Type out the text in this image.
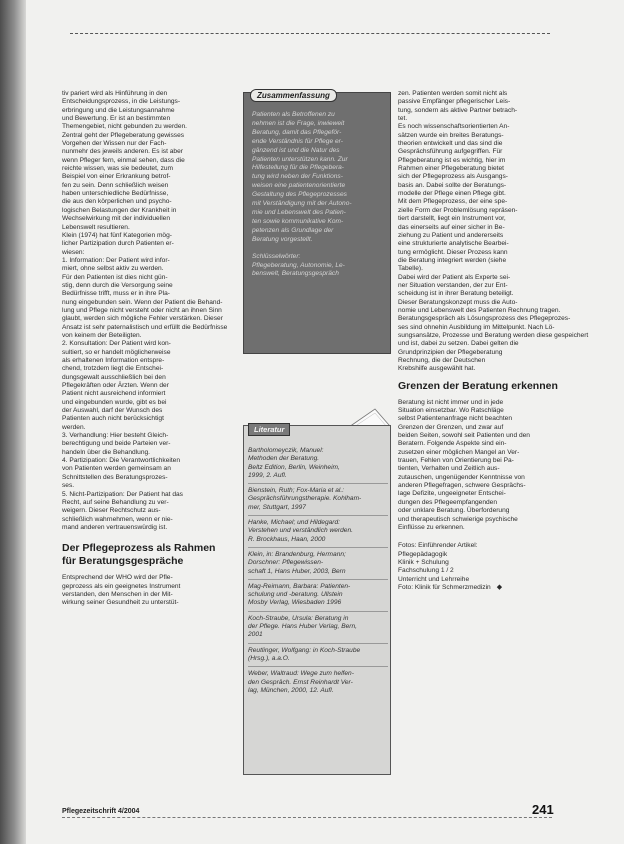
tiv pariert wird als Hinführung in den

Entscheidungsprozess, in die Leistungs-

erbringung und die Leistungsannahme

und Bewertung. Er ist an bestimmten

Themengebiet, nicht gebunden zu werden.

Zentral geht der Pflegeberatung gewisses

Vorgehen der Wissen nur der Fach-

nunmehr des jeweils anderen. Es ist aber

wenn Pfleger fern, einmal sehen, dass die

reichte wissen, was sie bedeutet, zum

Beispiel von einer Erkrankung betrof-

fen zu sein. Denn schließlich weisen

haben unterschiedliche Bedürfnisse,

die aus den körperlichen und psycho-

logischen Belastungen der Krankheit in

Wechselwirkung mit der individuellen

Lebenswelt resultieren.

Klein (1974) hat fünf Kategorien mög-

licher Partizipation durch Patienten er-

wiesen:

1. Information: Der Patient wird infor-

miert, ohne selbst aktiv zu werden.

Für den Patienten ist dies nicht gün-

stig, denn durch die Versorgung seine

Bedürfnisse trifft, muss er in ihre Pla-

nung eingebunden sein. Wenn der Patient die Behand-

lung und Pflege nicht versteht oder nicht an ihnen Sinn

glaubt, werden sich mögliche Fehler verstärken. Dieser

Ansatz ist sehr paternalistisch und erfüllt die Bedürfnisse

von keinem der Beteiligten.

2. Konsultation: Der Patient wird kon-

sultiert, so er handelt möglicherweise

als erhaltenen Information entspre-

chend, trotzdem liegt die Entschei-

dungsgewalt ausschließlich bei den

Pflegekräften oder Ärzten. Wenn der

Patient nicht ausreichend informiert

und eingebunden wurde, gibt es bei

der Auswahl, darf der Wunsch des

Patienten auch nicht berücksichtigt

werden.

3. Verhandlung: Hier besteht Gleich-

berechtigung und beide Parteien ver-

handeln über die Behandlung.

4. Partizipation: Die Verantwortlichkeiten

von Patienten werden gemeinsam an

Schnittstellen des Beratungsprozes-

ses.

5. Nicht-Partizipation: Der Patient hat das

Recht, auf seine Behandlung zu ver-

weigern. Dieser Rechtschutz aus-

schließlich wahrnehmen, wenn er nie-

mand anderen vertrauenswürdig ist.

Der Pflegeprozess als Rahmen für Beratungsgespräche

Entsprechend der WHO wird der Pfle-

geprozess als ein geeignetes Instrument

verstanden, den Menschen in der Mit-

wirkung seiner Gesundheit zu unterstüt-

Zusammenfassung

Patienten als Betroffenen zu

nehmen ist die Frage, inwieweit

Beratung, damit das Pflegeför-

ende Verständnis für Pflege er-

gänzend ist und die Natur des

Patienten unterstützen kann. Zur

Hilfestellung für die Pflegebera-

tung wird neben der Funktions-

weisen eine patientenorientierte

Gestaltung des Pflegeprozesses

mit Verständigung mit der Autono-

mie und Lebenswelt des Patien-

ten sowie kommunikative Kom-

petenzen als Grundlage der

Beratung vorgestellt.

Schlüsselwörter:

Pflegeberatung, Autonomie, Le-

benswelt, Beratungsgespräch

Literatur

Bartholomeyczik, Manuel:

Methoden der Beratung.

Beltz Edition, Berlin, Weinheim,

1999, 2. Aufl.

Bienstein, Ruth; Fox-Maria et al.:

Gesprächsführungstherapie. Kohlham-

mer, Stuttgart, 1997

Hanke, Michael; und Hildegard:

Verstehen und verständlich werden.

R. Brockhaus, Haan, 2000

Klein, in: Brandenburg, Hermann;

Dorschner: Pflegewissen-

schaft 1, Hans Huber, 2003, Bern

Mag-Reimann, Barbara: Patienten-

schulung und -beratung. Ullstein

Mosby Verlag, Wiesbaden 1996

Koch-Straube, Ursula: Beratung in

der Pflege. Hans Huber Verlag, Bern,

2001

Reutlinger, Wolfgang: in Koch-Straube

(Hrsg.), a.a.O.

Weber, Waltraud: Wege zum helfen-

den Gespräch. Ernst Reinhardt Ver-

lag, München, 2000, 12. Aufl.

zen. Patienten werden somit nicht als

passive Empfänger pflegerischer Leis-

tung, sondern als aktive Partner betrach-

tet.

Es noch wissenschaftsorientierten An-

sätzen wurde ein breites Beratungs-

theorien entwickelt und das sind die

Gesprächsführung aufgegriffen. Für

Pflegeberatung ist es wichtig, hier im

Rahmen einer Pflegeberatung bietet

sich der Pflegeprozess als Ausgangs-

basis an. Dabei sollte der Beratungs-

modelle der Pflege einen Pflege gibt.

Mit dem Pflegeprozess, der eine spe-

zielle Form der Problemlösung repräsen-

tiert darstellt, liegt ein Instrument vor,

das einerseits auf einer sicher in Be-

ziehung zu Patient und andererseits

eine strukturierte analytische Bearbei-

tung ermöglicht. Dieser Prozess kann

die Beratung integriert werden (siehe

Tabelle).

Dabei wird der Patient als Experte sei-

ner Situation verstanden, der zur Ent-

scheidung ist in ihrer Beratung beteiligt.

Dieser Beratungskonzept muss die Auto-

nomie und Lebenswelt des Patienten Rechnung tragen.

Beratungsgespräch als Lösungsprozess des Pflegeprozes-

ses sind ohnehin Ausbildung im Mittelpunkt. Nach Lö-

sungsansätze, Prozesse und Beratung werden diese gespeichert

und ist, dabei zu setzen. Dabei gelten die

Grundprinzipien der Pflegeberatung

Rechnung, die der Deutschen

Krebshilfe ausgewählt hat.

Grenzen der Beratung erkennen

Beratung ist nicht immer und in jede

Situation einsetzbar. Wo Ratschläge

selbst Patientenanfrage nicht beachten

Grenzen der Grenzen, und zwar auf

beiden Seiten, sowohl seit Patienten und den

Beratern. Folgende Aspekte sind ein-

zusetzen einer möglichen Mangel an Ver-

trauen, Fehlen von Orientierung bei Pa-

tienten, Verhalten und Zeitlich aus-

zutauschen, ungenügender Kenntnisse von

anderen Pflegefragen, schwere Gesprächs-

lage Defizite, ungeeigneter Entschei-

dungen des Pflegeempfangenden

oder unklare Beratung. Überforderung

und therapeutisch schwierige psychische

Einflüsse zu erkennen.

Fotos: Einführender Artikel:

Pflegepädagogik

Klinik + Schulung

Fachschulung 1 / 2

Unterricht und Lehrreihe

Foto: Klinik für Schmerzmedizin ◆

Pflegezeitschrift 4/2004	241
